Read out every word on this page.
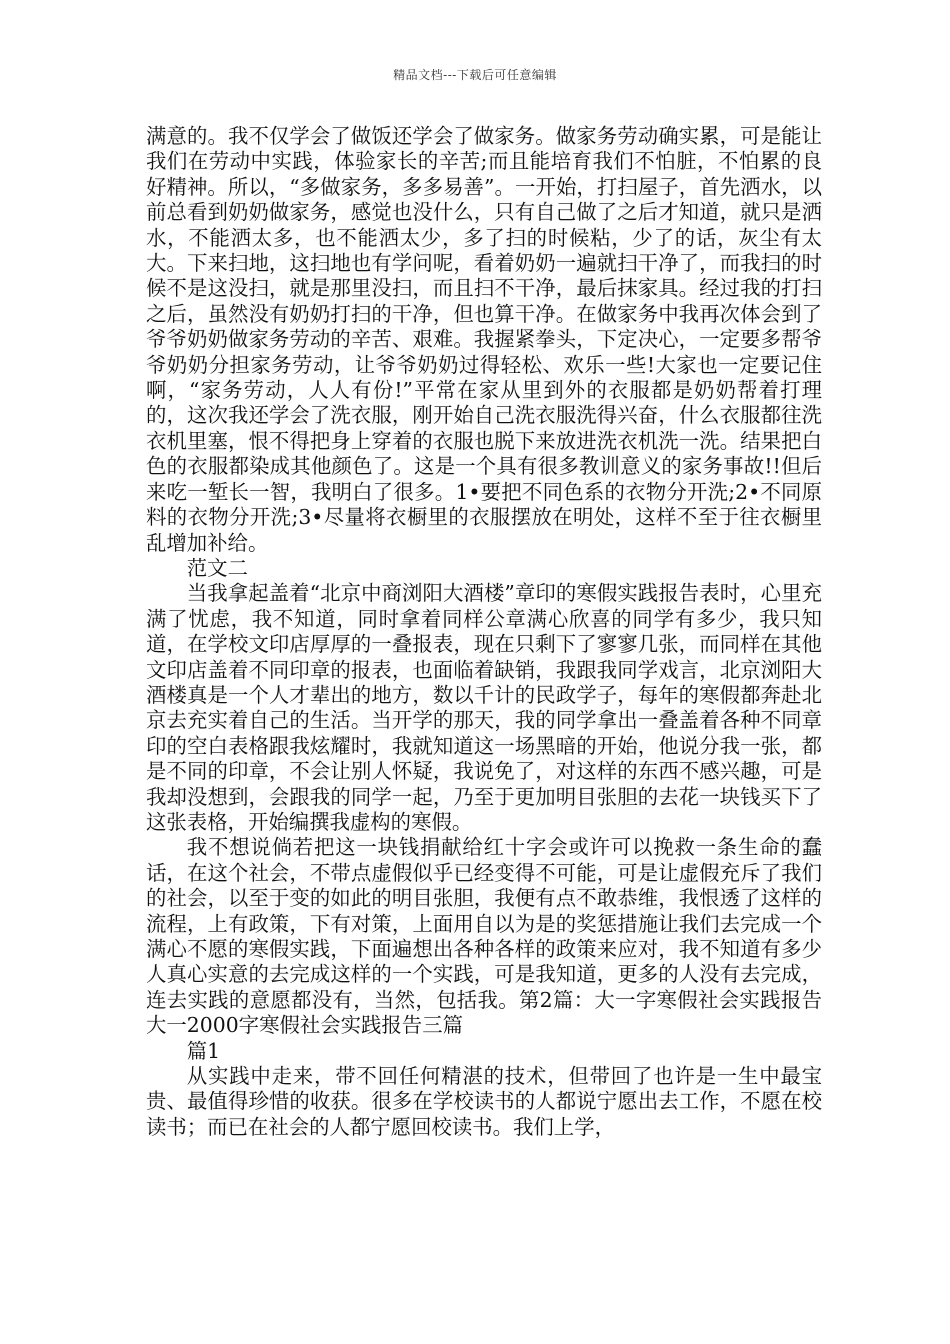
精品文档---下载后可任意编辑

满意的。我不仅学会了做饭还学会了做家务。做家务劳动确实累，可是能让我们在劳动中实践，体验家长的辛苦;而且能培育我们不怕脏，不怕累的良好精神。所以，“多做家务，多多易善”。一开始，打扫屋子，首先洒水，以前总看到奶奶做家务，感觉也没什么，只有自己做了之后才知道，就只是洒水，不能洒太多，也不能洒太少，多了扫的时候粘，少了的话，灰尘有太大。下来扫地，这扫地也有学问呢，看着奶奶一遍就扫干净了，而我扫的时候不是这没扫，就是那里没扫，而且扫不干净，最后抹家具。经过我的打扫之后，虽然没有奶奶打扫的干净，但也算干净。在做家务中我再次体会到了爷爷奶奶做家务劳动的辛苦、艰难。我握紧拳头，下定决心，一定要多帮爷爷奶奶分担家务劳动，让爷爷奶奶过得轻松、欢乐一些!大家也一定要记住啊，“家务劳动，人人有份!”平常在家从里到外的衣服都是奶奶帮着打理的，这次我还学会了洗衣服，刚开始自己洗衣服洗得兴奋，什么衣服都往洗衣机里塞，恨不得把身上穿着的衣服也脱下来放进洗衣机洗一洗。结果把白色的衣服都染成其他颜色了。这是一个具有很多教训意义的家务事故!!但后来吃一堑长一智，我明白了很多。1•要把不同色系的衣物分开洗;2•不同原料的衣物分开洗;3•尽量将衣橱里的衣服摆放在明处，这样不至于往衣橱里乱增加补给。

范文二

当我拿起盖着“北京中商浏阳大酒楼”章印的寒假实践报告表时，心里充满了忧虑，我不知道，同时拿着同样公章满心欣喜的同学有多少，我只知道，在学校文印店厚厚的一叠报表，现在只剩下了寥寥几张，而同样在其他文印店盖着不同印章的报表，也面临着缺销，我跟我同学戏言，北京浏阳大酒楼真是一个人才辈出的地方，数以千计的民政学子，每年的寒假都奔赴北京去充实着自己的生活。当开学的那天，我的同学拿出一叠盖着各种不同章印的空白表格跟我炫耀时，我就知道这一场黑暗的开始，他说分我一张，都是不同的印章，不会让别人怀疑，我说免了，对这样的东西不感兴趣，可是我却没想到，会跟我的同学一起，乃至于更加明目张胆的去花一块钱买下了这张表格，开始编撰我虚构的寒假。

我不想说倘若把这一块钱捐献给红十字会或许可以挽救一条生命的蠢话，在这个社会，不带点虚假似乎已经变得不可能，可是让虚假充斥了我们的社会，以至于变的如此的明目张胆，我便有点不敢恭维，我恨透了这样的流程，上有政策，下有对策，上面用自以为是的奖惩措施让我们去完成一个满心不愿的寒假实践，下面遍想出各种各样的政策来应对，我不知道有多少人真心实意的去完成这样的一个实践，可是我知道，更多的人没有去完成，连去实践的意愿都没有，当然，包括我。第2篇：大一字寒假社会实践报告大一2000字寒假社会实践报告三篇

篇1

从实践中走来，带不回任何精湛的技术，但带回了也许是一生中最宝贵、最值得珍惜的收获。很多在学校读书的人都说宁愿出去工作，不愿在校读书；而已在社会的人都宁愿回校读书。我们上学，
